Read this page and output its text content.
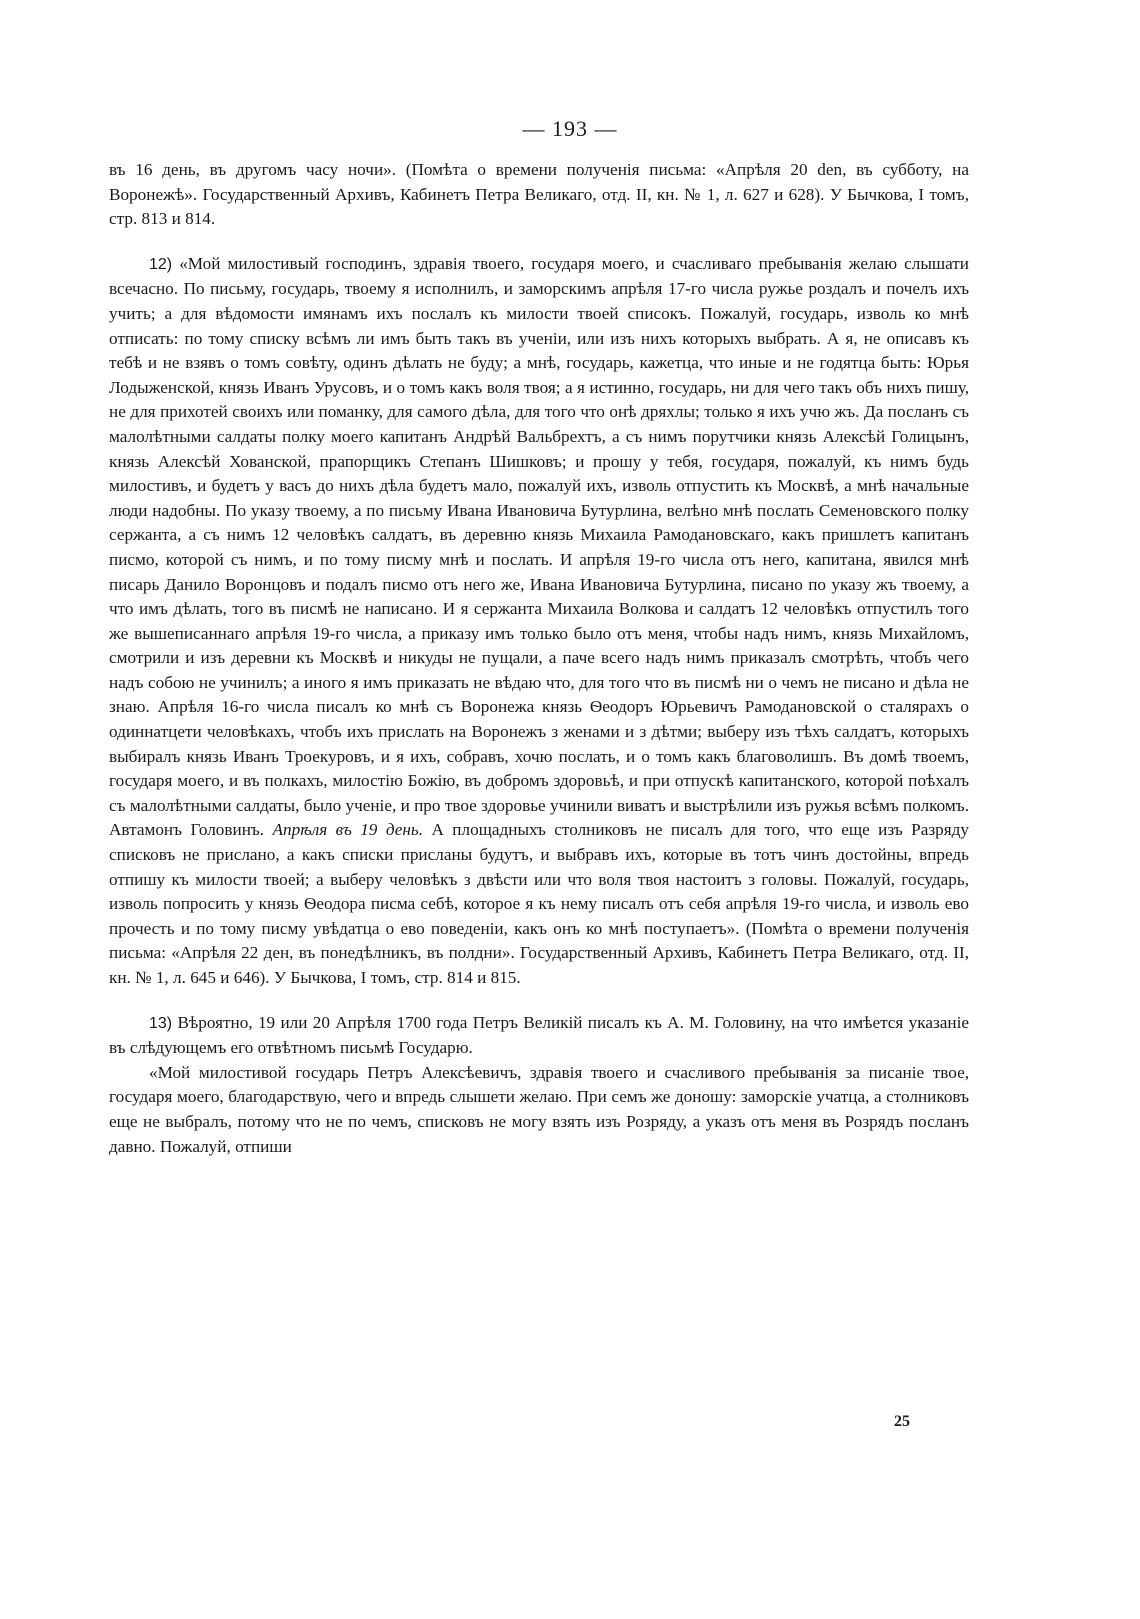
— 193 —

въ 16 день, въ другомъ часу ночи». (Помѣта о времени полученія письма: «Апрѣля 20 den, въ субботу, на Воронежѣ». Государственный Архивъ, Кабинетъ Петра Великаго, отд. II, кн. № 1, л. 627 и 628). У Бычкова, I томъ, стр. 813 и 814.

12) «Мой милостивый господинъ, здравія твоего, государя моего, и счасливаго пребыванія желаю слышати всечасно. По письму, государь, твоему я исполнилъ, и заморскимъ апрѣля 17-го числа ружье роздалъ и почелъ ихъ учить; а для вѣдомости имянамъ ихъ послалъ къ милости твоей списокъ. Пожалуй, государь, изволь ко мнѣ отписать: по тому списку всѣмъ ли имъ быть такъ въ ученіи, или изъ нихъ которыхъ выбрать. А я, не описавъ къ тебѣ и не взявъ о томъ совѣту, одинъ дѣлать не буду; а мнѣ, государь, кажетца, что иные и не годятца быть: Юрья Лодыженской, князь Иванъ Урусовъ, и о томъ какъ воля твоя; а я истинно, государь, ни для чего такъ объ нихъ пишу, не для прихотей своихъ или поманку, для самого дѣла, для того что онѣ дряхлы; только я ихъ учю жъ. Да посланъ съ малолѣтными салдаты полку моего капитанъ Андрѣй Вальбрехтъ, а съ нимъ порутчики князь Алексѣй Голицынъ, князь Алексѣй Хованской, прапорщикъ Степанъ Шишковъ; и прошу у тебя, государя, пожалуй, къ нимъ будь милостивъ, и будетъ у васъ до нихъ дѣла будетъ мало, пожалуй ихъ, изволь отпустить къ Москвѣ, а мнѣ начальные люди надобны. По указу твоему, а по письму Ивана Ивановича Бутурлина, велѣно мнѣ послать Семеновского полку сержанта, а съ нимъ 12 человѣкъ салдатъ, въ деревню князь Михаила Рамодановскаго, какъ пришлетъ капитанъ писмо, которой съ нимъ, и по тому писму мнѣ и послать. И апрѣля 19-го числа отъ него, капитана, явился мнѣ писарь Данило Воронцовъ и подалъ писмо отъ него же, Ивана Ивановича Бутурлина, писано по указу жъ твоему, а что имъ дѣлать, того въ писмѣ не написано. И я сержанта Михаила Волкова и салдатъ 12 человѣкъ отпустилъ того же вышеписаннаго апрѣля 19-го числа, а приказу имъ только было отъ меня, чтобы надъ нимъ, князь Михайломъ, смотрили и изъ деревни къ Москвѣ и никуды не пущали, а паче всего надъ нимъ приказалъ смотрѣть, чтобъ чего надъ собою не учинилъ; а иного я имъ приказать не вѣдаю что, для того что въ писмѣ ни о чемъ не писано и дѣла не знаю. Апрѣля 16-го числа писалъ ко мнѣ съ Воронежа князь Ѳеодоръ Юрьевичъ Рамодановской о сталярахъ о одиннатцети человѣкахъ, чтобъ ихъ прислать на Воронежъ з женами и з дѣтми; выберу изъ тѣхъ салдатъ, которыхъ выбиралъ князь Иванъ Троекуровъ, и я ихъ, собравъ, хочю послать, и о томъ какъ благоволишъ. Въ домѣ твоемъ, государя моего, и въ полкахъ, милостію Божію, въ добромъ здоровьѣ, и при отпускѣ капитанского, которой поѣхалъ съ малолѣтными салдаты, было ученіе, и про твое здоровье учинили виватъ и выстрѣлили изъ ружья всѣмъ полкомъ. Автамонъ Головинъ. Апрѣля въ 19 день. А площадныхъ столниковъ не писалъ для того, что еще изъ Разряду списковъ не прислано, а какъ списки присланы будутъ, и выбравъ ихъ, которые въ тотъ чинъ достойны, впредь отпишу къ милости твоей; а выберу человѣкъ з двѣсти или что воля твоя настоитъ з головы. Пожалуй, государь, изволь попросить у князь Ѳеодора писма себѣ, которое я къ нему писалъ отъ себя апрѣля 19-го числа, и изволь ево прочесть и по тому писму увѣдатца о ево поведеніи, какъ онъ ко мнѣ поступаетъ». (Помѣта о времени полученія письма: «Апрѣля 22 ден, въ понедѣлникъ, въ полдни». Государственный Архивъ, Кабинетъ Петра Великаго, отд. II, кн. № 1, л. 645 и 646). У Бычкова, I томъ, стр. 814 и 815.

13) Вѣроятно, 19 или 20 Апрѣля 1700 года Петръ Великій писалъ къ А. М. Головину, на что имѣется указаніе въ слѣдующемъ его отвѣтномъ письмѣ Государю.

«Мой милостивой государь Петръ Алексѣевичъ, здравія твоего и счасливого пребыванія за писаніе твое, государя моего, благодарствую, чего и впредь слышети желаю. При семъ же доношу: заморскіе учатца, а столниковъ еще не выбралъ, потому что не по чемъ, списковъ не могу взять изъ Розряду, а указъ отъ меня въ Розрядъ посланъ давно. Пожалуй, отпиши

25
